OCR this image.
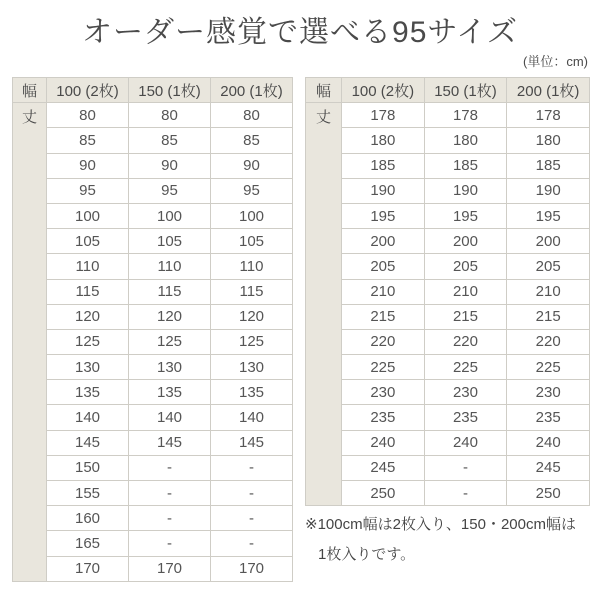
オーダー感覚で選べる95サイズ
(単位：cm)
幅	100 (2枚)	150 (1枚)	200 (1枚)
丈	80	80	80
	85	85	85
	90	90	90
	95	95	95
	100	100	100
	105	105	105
	110	110	110
	115	115	115
	120	120	120
	125	125	125
	130	130	130
	135	135	135
	140	140	140
	145	145	145
	150	-	-
	155	-	-
	160	-	-
	165	-	-
	170	170	170
幅	100 (2枚)	150 (1枚)	200 (1枚)
丈	178	178	178
	180	180	180
	185	185	185
	190	190	190
	195	195	195
	200	200	200
	205	205	205
	210	210	210
	215	215	215
	220	220	220
	225	225	225
	230	230	230
	235	235	235
	240	240	240
	245	-	245
	250	-	250
※100cm幅は2枚入り、150・200cm幅は
1枚入りです。
